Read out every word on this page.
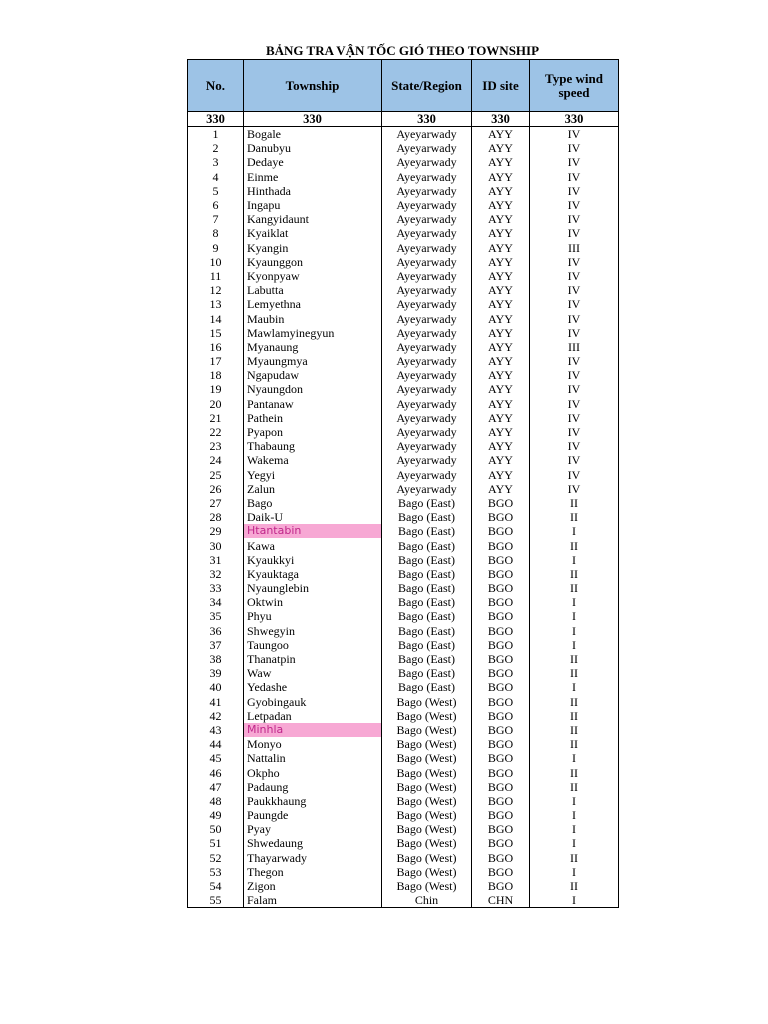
BẢNG TRA VẬN TỐC GIÓ THEO TOWNSHIP
No.	Township	State/Region	ID site	Type wind speed
330	330	330	330	330
1	Bogale	Ayeyarwady	AYY	IV
2	Danubyu	Ayeyarwady	AYY	IV
3	Dedaye	Ayeyarwady	AYY	IV
4	Einme	Ayeyarwady	AYY	IV
5	Hinthada	Ayeyarwady	AYY	IV
6	Ingapu	Ayeyarwady	AYY	IV
7	Kangyidaunt	Ayeyarwady	AYY	IV
8	Kyaiklat	Ayeyarwady	AYY	IV
9	Kyangin	Ayeyarwady	AYY	III
10	Kyaunggon	Ayeyarwady	AYY	IV
11	Kyonpyaw	Ayeyarwady	AYY	IV
12	Labutta	Ayeyarwady	AYY	IV
13	Lemyethna	Ayeyarwady	AYY	IV
14	Maubin	Ayeyarwady	AYY	IV
15	Mawlamyinegyun	Ayeyarwady	AYY	IV
16	Myanaung	Ayeyarwady	AYY	III
17	Myaungmya	Ayeyarwady	AYY	IV
18	Ngapudaw	Ayeyarwady	AYY	IV
19	Nyaungdon	Ayeyarwady	AYY	IV
20	Pantanaw	Ayeyarwady	AYY	IV
21	Pathein	Ayeyarwady	AYY	IV
22	Pyapon	Ayeyarwady	AYY	IV
23	Thabaung	Ayeyarwady	AYY	IV
24	Wakema	Ayeyarwady	AYY	IV
25	Yegyi	Ayeyarwady	AYY	IV
26	Zalun	Ayeyarwady	AYY	IV
27	Bago	Bago (East)	BGO	II
28	Daik-U	Bago (East)	BGO	II
29	Htantabin	Bago (East)	BGO	I
30	Kawa	Bago (East)	BGO	II
31	Kyaukkyi	Bago (East)	BGO	I
32	Kyauktaga	Bago (East)	BGO	II
33	Nyaunglebin	Bago (East)	BGO	II
34	Oktwin	Bago (East)	BGO	I
35	Phyu	Bago (East)	BGO	I
36	Shwegyin	Bago (East)	BGO	I
37	Taungoo	Bago (East)	BGO	I
38	Thanatpin	Bago (East)	BGO	II
39	Waw	Bago (East)	BGO	II
40	Yedashe	Bago (East)	BGO	I
41	Gyobingauk	Bago (West)	BGO	II
42	Letpadan	Bago (West)	BGO	II
43	Minhla	Bago (West)	BGO	II
44	Monyo	Bago (West)	BGO	II
45	Nattalin	Bago (West)	BGO	I
46	Okpho	Bago (West)	BGO	II
47	Padaung	Bago (West)	BGO	II
48	Paukkhaung	Bago (West)	BGO	I
49	Paungde	Bago (West)	BGO	I
50	Pyay	Bago (West)	BGO	I
51	Shwedaung	Bago (West)	BGO	I
52	Thayarwady	Bago (West)	BGO	II
53	Thegon	Bago (West)	BGO	I
54	Zigon	Bago (West)	BGO	II
55	Falam	Chin	CHN	I
